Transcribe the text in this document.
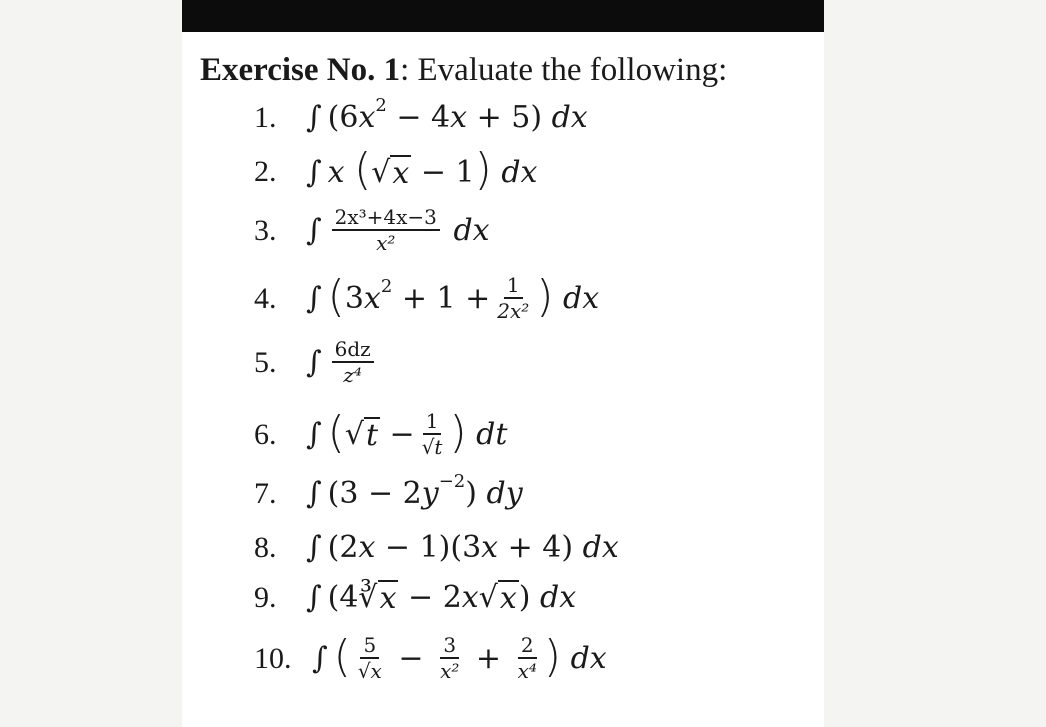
Exercise No. 1: Evaluate the following:
1. ∫ (6 x 2 − 4 x + 5) dx
2. ∫ x ( √ x − 1 ) dx
3. ∫ $\frac{\text{2x³+4x−3}}{\text{x²}}$ dx
4. ∫ ( 3 x $2 + 1 + \frac{1}{\text{2x²}}$ ) dx
5. ∫ $\frac{6dz}{\text{z⁴}}$
6. ∫ ( √ $t - \frac{1}{√t}$ ) dt
7. ∫ (3 − 2 y −2 ) dy
8. ∫ (2 x − 1)(3 x + 4) dx
9. ∫ (4∛ x − 2 x √ x ) dx
10. ∫ ( $\frac{5}{√x} - \frac{3}{\text{x²}} + \frac{2}{\text{x⁴}}$ ) dx
